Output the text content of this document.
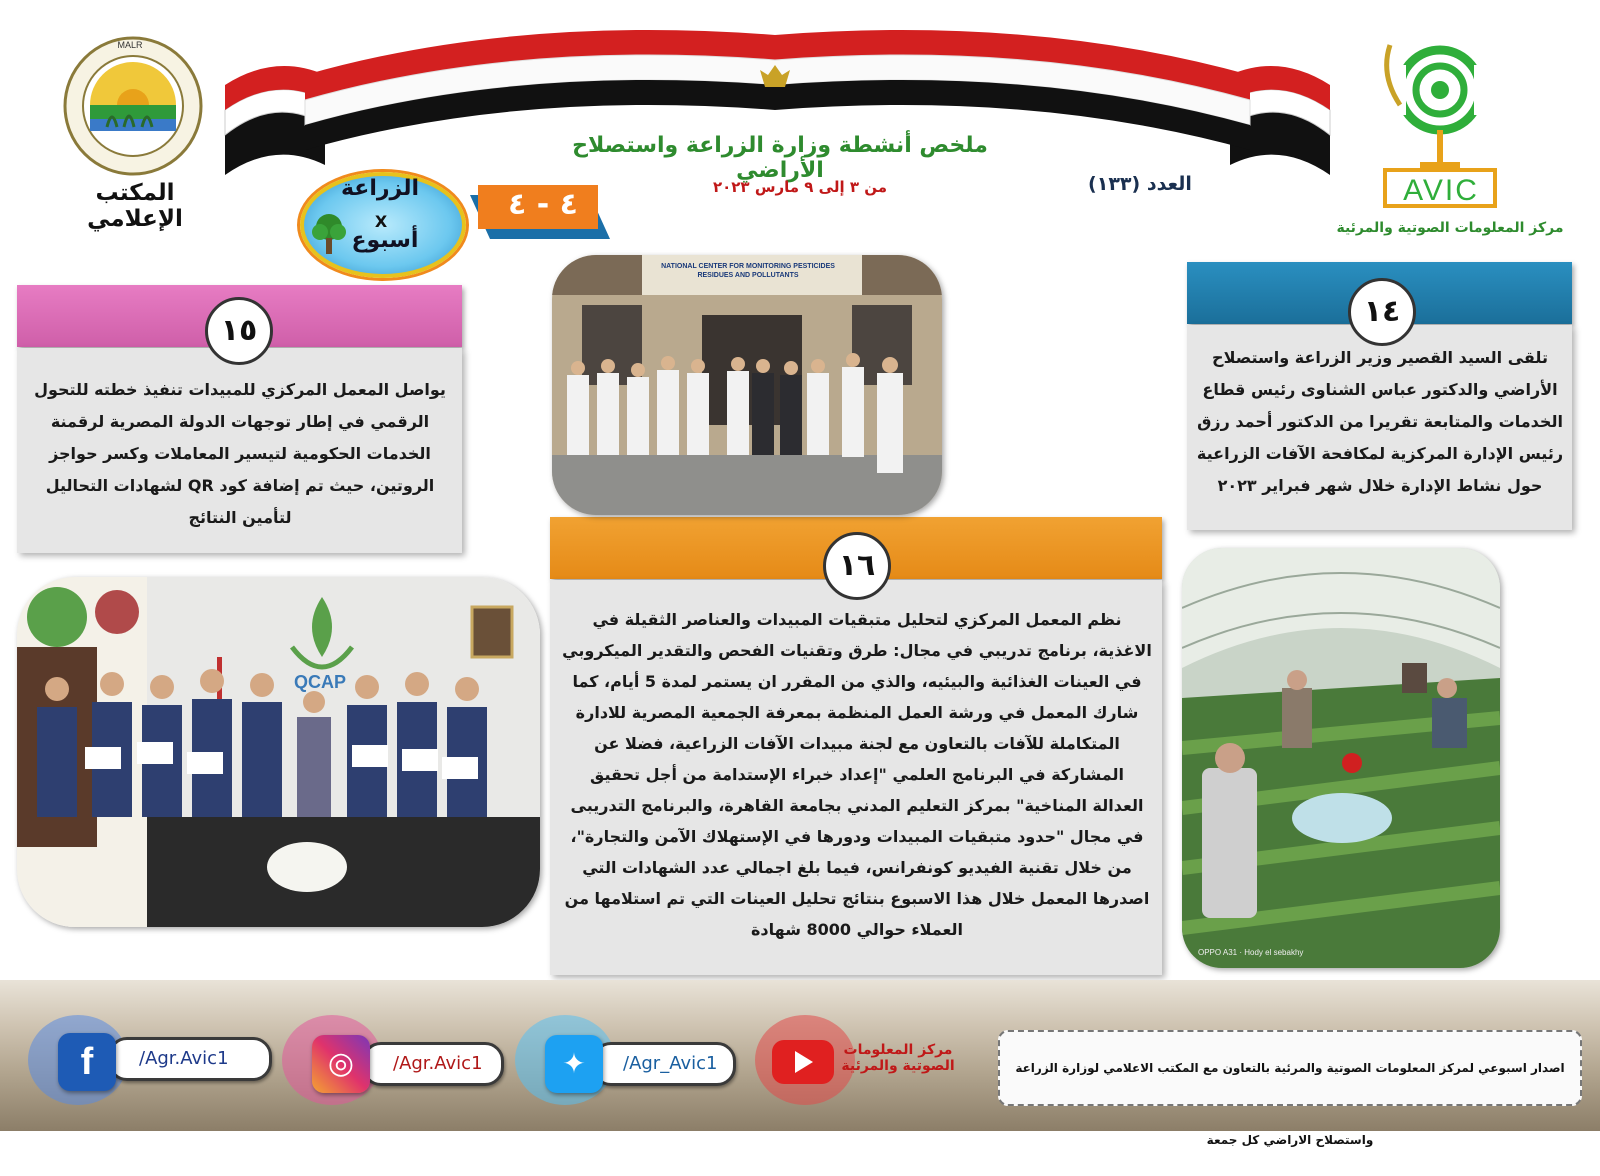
ملخص أنشطة وزارة الزراعة واستصلاح الأراضي
من ٣ إلى ٩ مارس ٢٠٢٣	العدد (١٣٣)
المكتب الإعلامي
MALR
AVIC
مركز المعلومات الصوتية والمرئية
الزراعة
X
أسبوع
٤ - ٤
١٤
تلقى السيد القصير وزير الزراعة واستصلاح الأراضي والدكتور عباس الشناوى رئيس قطاع الخدمات والمتابعة تقريرا من الدكتور أحمد رزق رئيس الإدارة المركزية لمكافحة الآفات الزراعية حول نشاط الإدارة خلال شهر فبراير ٢٠٢٣
١٥
يواصل المعمل المركزي للمبيدات تنفيذ خطته للتحول الرقمي في إطار توجهات الدولة المصرية لرقمنة الخدمات الحكومية لتيسير المعاملات وكسر حواجز الروتين، حيث تم إضافة كود QR لشهادات التحاليل لتأمين النتائج
١٦
نظم المعمل المركزي لتحليل متبقيات المبيدات والعناصر الثقيلة في الاغذية، برنامج تدريبي في مجال: طرق وتقنيات الفحص والتقدير الميكروبي في العينات الغذائية والبيئيه، والذي من المقرر ان يستمر لمدة 5 أيام، كما شارك المعمل في ورشة العمل المنظمة بمعرفة الجمعية المصرية للادارة المتكاملة للآفات بالتعاون مع لجنة مبيدات الآفات الزراعية، فضلا عن المشاركة في البرنامج العلمي "إعداد خبراء الإستدامة من أجل تحقيق العدالة المناخية" بمركز التعليم المدني بجامعة القاهرة، والبرنامج التدريبى في مجال "حدود متبقيات المبيدات ودورها في الإستهلاك الآمن والتجارة"، من خلال تقنية الفيديو كونفرانس، فيما بلغ اجمالي عدد الشهادات التي اصدرها المعمل خلال هذا الاسبوع بنتائج تحليل العينات التي تم استلامها من العملاء حوالي 8000 شهادة
NATIONAL CENTER FOR MONITORING PESTICIDES RESIDUES AND POLLUTANTS
QCAP
OPPO A31 · Hody el sebakhy
/Agr.Avic1
f	/Agr.Avic1
◎	/Agr_Avic1
✦	مركز المعلومات الصوتية والمرئية	اصدار اسبوعي لمركز المعلومات الصوتية والمرئية بالتعاون مع المكتب الاعلامي لوزارة الزراعة واستصلاح الاراضي كل جمعة
